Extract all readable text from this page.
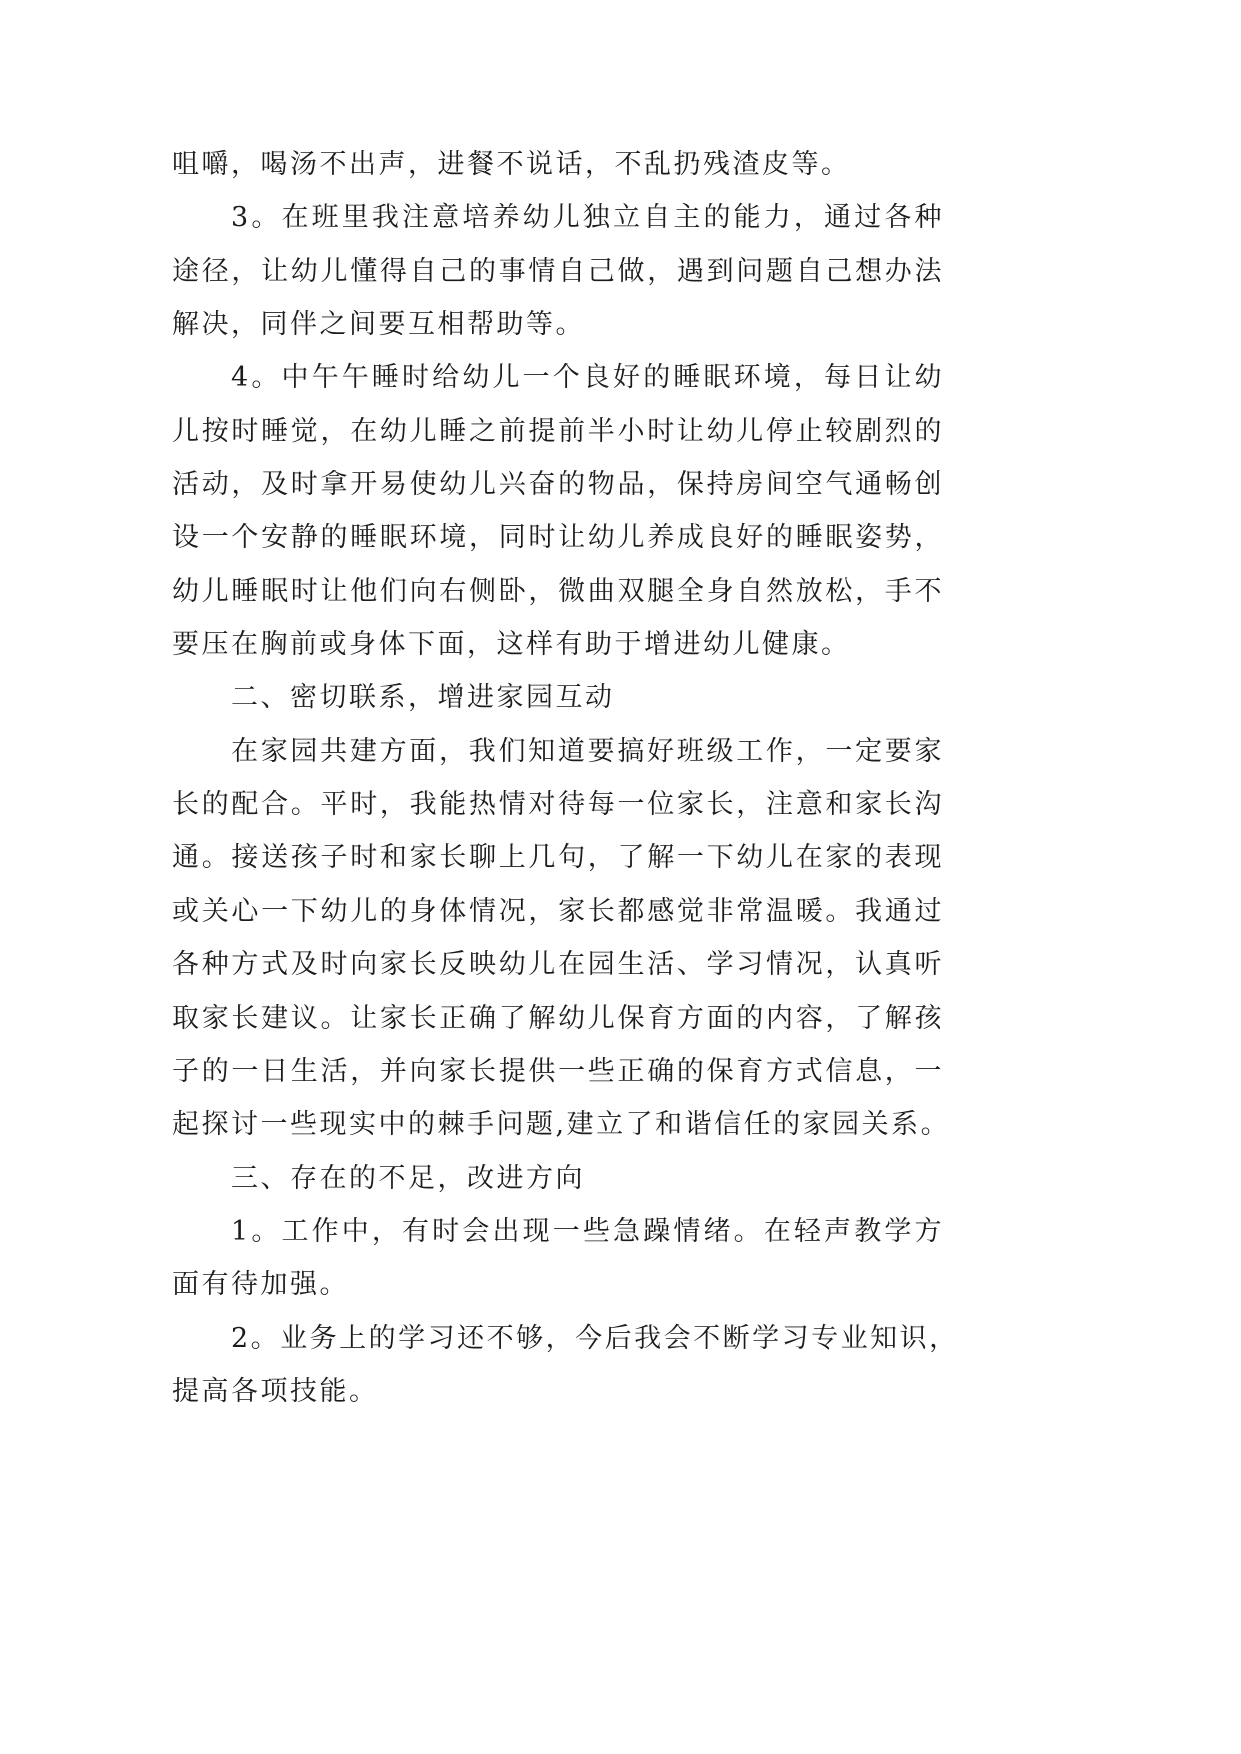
咀嚼，喝汤不出声，进餐不说话，不乱扔残渣皮等。
3。在班里我注意培养幼儿独立自主的能力，通过各种
途径，让幼儿懂得自己的事情自己做，遇到问题自己想办法
解决，同伴之间要互相帮助等。
4。中午午睡时给幼儿一个良好的睡眠环境，每日让幼
儿按时睡觉，在幼儿睡之前提前半小时让幼儿停止较剧烈的
活动，及时拿开易使幼儿兴奋的物品，保持房间空气通畅创
设一个安静的睡眠环境，同时让幼儿养成良好的睡眠姿势，
幼儿睡眠时让他们向右侧卧，微曲双腿全身自然放松，手不
要压在胸前或身体下面，这样有助于增进幼儿健康。
二、密切联系，增进家园互动
在家园共建方面，我们知道要搞好班级工作，一定要家
长的配合。平时，我能热情对待每一位家长，注意和家长沟
通。接送孩子时和家长聊上几句，了解一下幼儿在家的表现
或关心一下幼儿的身体情况，家长都感觉非常温暖。我通过
各种方式及时向家长反映幼儿在园生活、学习情况，认真听
取家长建议。让家长正确了解幼儿保育方面的内容，了解孩
子的一日生活，并向家长提供一些正确的保育方式信息，一
起探讨一些现实中的棘手问题,建立了和谐信任的家园关系。
三、存在的不足，改进方向
1。工作中，有时会出现一些急躁情绪。在轻声教学方
面有待加强。
2。业务上的学习还不够，今后我会不断学习专业知识，
提高各项技能。
